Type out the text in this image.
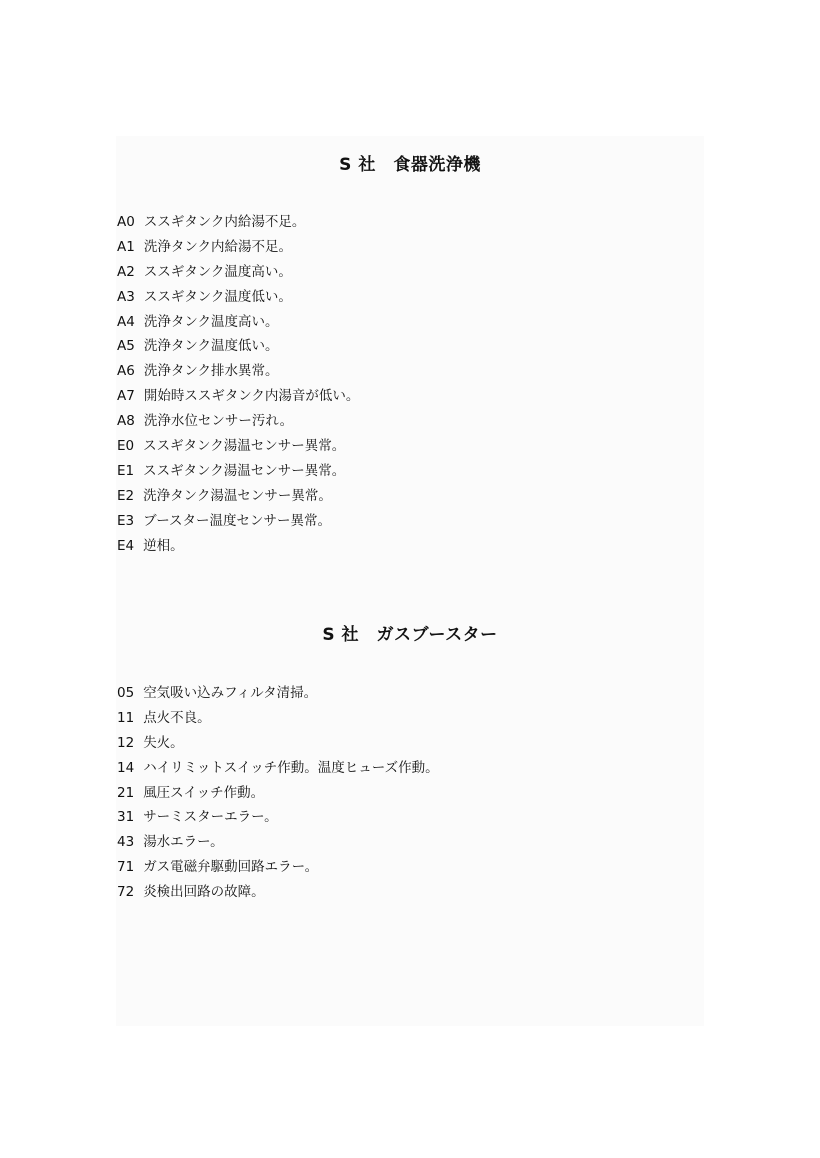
S 社　食器洗浄機
A0 ススギタンク内給湯不足。
A1 洗浄タンク内給湯不足。
A2 ススギタンク温度高い。
A3 ススギタンク温度低い。
A4 洗浄タンク温度高い。
A5 洗浄タンク温度低い。
A6 洗浄タンク排水異常。
A7 開始時ススギタンク内湯音が低い。
A8 洗浄水位センサー汚れ。
E0 ススギタンク湯温センサー異常。
E1 ススギタンク湯温センサー異常。
E2 洗浄タンク湯温センサー異常。
E3 ブースター温度センサー異常。
E4 逆相。
S 社　ガスブースター
05 空気吸い込みフィルタ清掃。
11 点火不良。
12 失火。
14 ハイリミットスイッチ作動。温度ヒューズ作動。
21 風圧スイッチ作動。
31 サーミスターエラー。
43 湯水エラー。
71 ガス電磁弁駆動回路エラー。
72 炎検出回路の故障。
